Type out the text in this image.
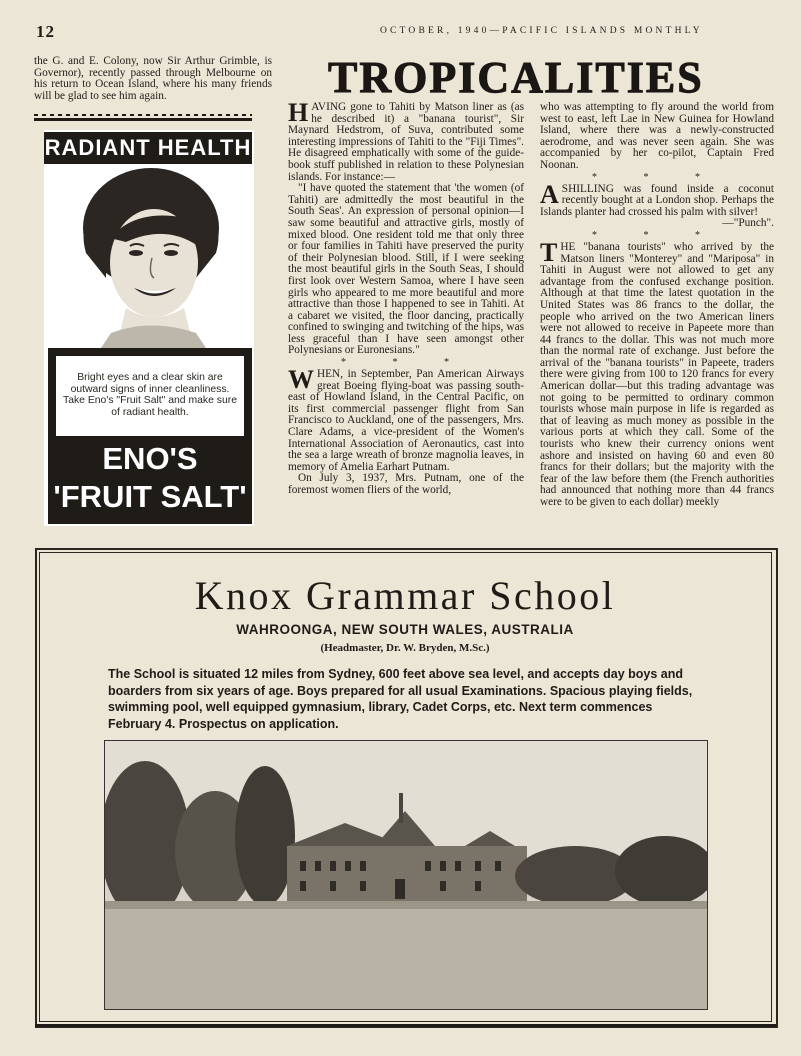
12	OCTOBER, 1940—PACIFIC ISLANDS MONTHLY

the G. and E. Colony, now Sir Arthur Grimble, is Governor), recently passed through Melbourne on his return to Ocean Island, where his many friends will be glad to see him again.

RADIANT HEALTH
Bright eyes and a clear skin are outward signs of inner cleanliness. Take Eno's "Fruit Salt" and make sure of radiant health.
ENO'S
'FRUIT SALT'
TROPICALITIES

HAVING gone to Tahiti by Matson liner as (as he described it) a "banana tourist", Sir Maynard Hedstrom, of Suva, contributed some interesting impressions of Tahiti to the "Fiji Times". He disagreed emphatically with some of the guide-book stuff published in relation to these Polynesian islands. For instance:—

"I have quoted the statement that 'the women (of Tahiti) are admittedly the most beautiful in the South Seas'. An expression of personal opinion—I saw some beautiful and attractive girls, mostly of mixed blood. One resident told me that only three or four families in Tahiti have preserved the purity of their Polynesian blood. Still, if I were seeking the most beautiful girls in the South Seas, I should first look over Western Samoa, where I have seen girls who appeared to me more beautiful and more attractive than those I happened to see in Tahiti. At a cabaret we visited, the floor dancing, practically confined to swinging and twitching of the hips, was less graceful than I have seen amongst other Polynesians or Euronesians."

* * *

WHEN, in September, Pan American Airways great Boeing flying-boat was passing south-east of Howland Island, in the Central Pacific, on its first commercial passenger flight from San Francisco to Auckland, one of the passengers, Mrs. Clare Adams, a vice-president of the Women's International Association of Aeronautics, cast into the sea a large wreath of bronze magnolia leaves, in memory of Amelia Earhart Putnam.

On July 3, 1937, Mrs. Putnam, one of the foremost women fliers of the world,

who was attempting to fly around the world from west to east, left Lae in New Guinea for Howland Island, where there was a newly-constructed aerodrome, and was never seen again. She was accompanied by her co-pilot, Captain Fred Noonan.

* * *

ASHILLING was found inside a coconut recently bought at a London shop. Perhaps the Islands planter had crossed his palm with silver!

—"Punch".

* * *

THE "banana tourists" who arrived by the Matson liners "Monterey" and "Mariposa" in Tahiti in August were not allowed to get any advantage from the confused exchange position. Although at that time the latest quotation in the United States was 86 francs to the dollar, the people who arrived on the two American liners were not allowed to receive in Papeete more than 44 francs to the dollar. This was not much more than the normal rate of exchange. Just before the arrival of the "banana tourists" in Papeete, traders there were giving from 100 to 120 francs for every American dollar—but this trading advantage was not going to be permitted to ordinary common tourists whose main purpose in life is regarded as that of leaving as much money as possible in the various ports at which they call. Some of the tourists who knew their currency onions went ashore and insisted on having 60 and even 80 francs for their dollars; but the majority with the fear of the law before them (the French authorities had announced that nothing more than 44 francs were to be given to each dollar) meekly

Knox Grammar School
WAHROONGA, NEW SOUTH WALES, AUSTRALIA
(Headmaster, Dr. W. Bryden, M.Sc.)
The School is situated 12 miles from Sydney, 600 feet above sea level, and accepts day boys and boarders from six years of age. Boys prepared for all usual Examinations. Spacious playing fields, swimming pool, well equipped gymnasium, library, Cadet Corps, etc. Next term commences February 4. Prospectus on application.
